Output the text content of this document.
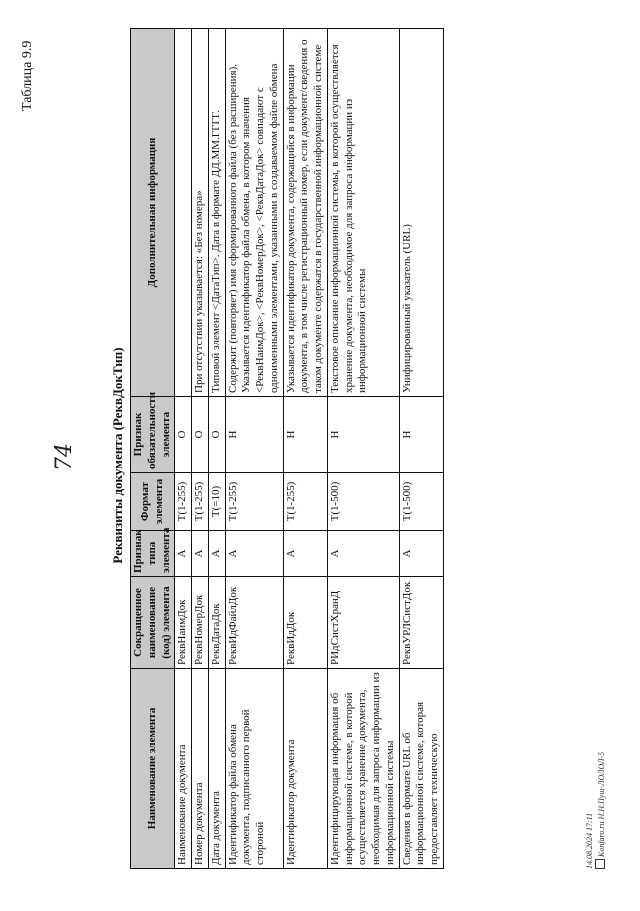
Таблица 9.9
74	Реквизиты документа (РеквДокТип)
Наименование элемента	Сокращенное наименование (код) элемента	Признак типа элемента	Формат элемента	Признак обязательности элемента	Дополнительная информация
Наименование документа	РеквНаимДок	А	T(1-255)	О	
Номер документа	РеквНомерДок	А	T(1-255)	О	При отсутствии указывается: «Без номера»
Дата документа	РеквДатаДок	А	T(=10)	О	Типовой элемент <ДатаТип>. Дата в формате ДД.ММ.ГГГГ.
Идентификатор файла обмена документа, подписанного первой стороной	РеквИдФайлДок	А	T(1-255)	Н	Содержит (повторяет) имя сформированного файла (без расширения). Указывается идентификатор файла обмена, в котором значения <РеквНаимДок>, <РеквНомерДок>, <РеквДатаДок> совпадают с одноименными элементами, указанными в создаваемом файле обмена
Идентификатор документа	РеквИдДок	А	T(1-255)	Н	Указывается идентификатор документа, содержащийся в информации документа, в том числе регистрационный номер, если документ/сведения о таком документе содержатся в государственной информационной системе
Идентифицирующая информация об информационной системе, в которой осуществляется хранение документа, необходимая для запроса информации из информационной системы	РИдСистХранД	А	T(1-500)	Н	Текстовое описание информационной системы, в которой осуществляется хранение документа, необходимое для запроса информации из информационной системы
Сведения в формате URL об информационной системе, которая предоставляет техническую	РеквУРЛСистДок	А	T(1-500)	Н	Унифицированный указатель (URL)
14.08.2024 17:11 Konfaro.ru Н.Н.Пуш-ЛОЛОЛ-5
